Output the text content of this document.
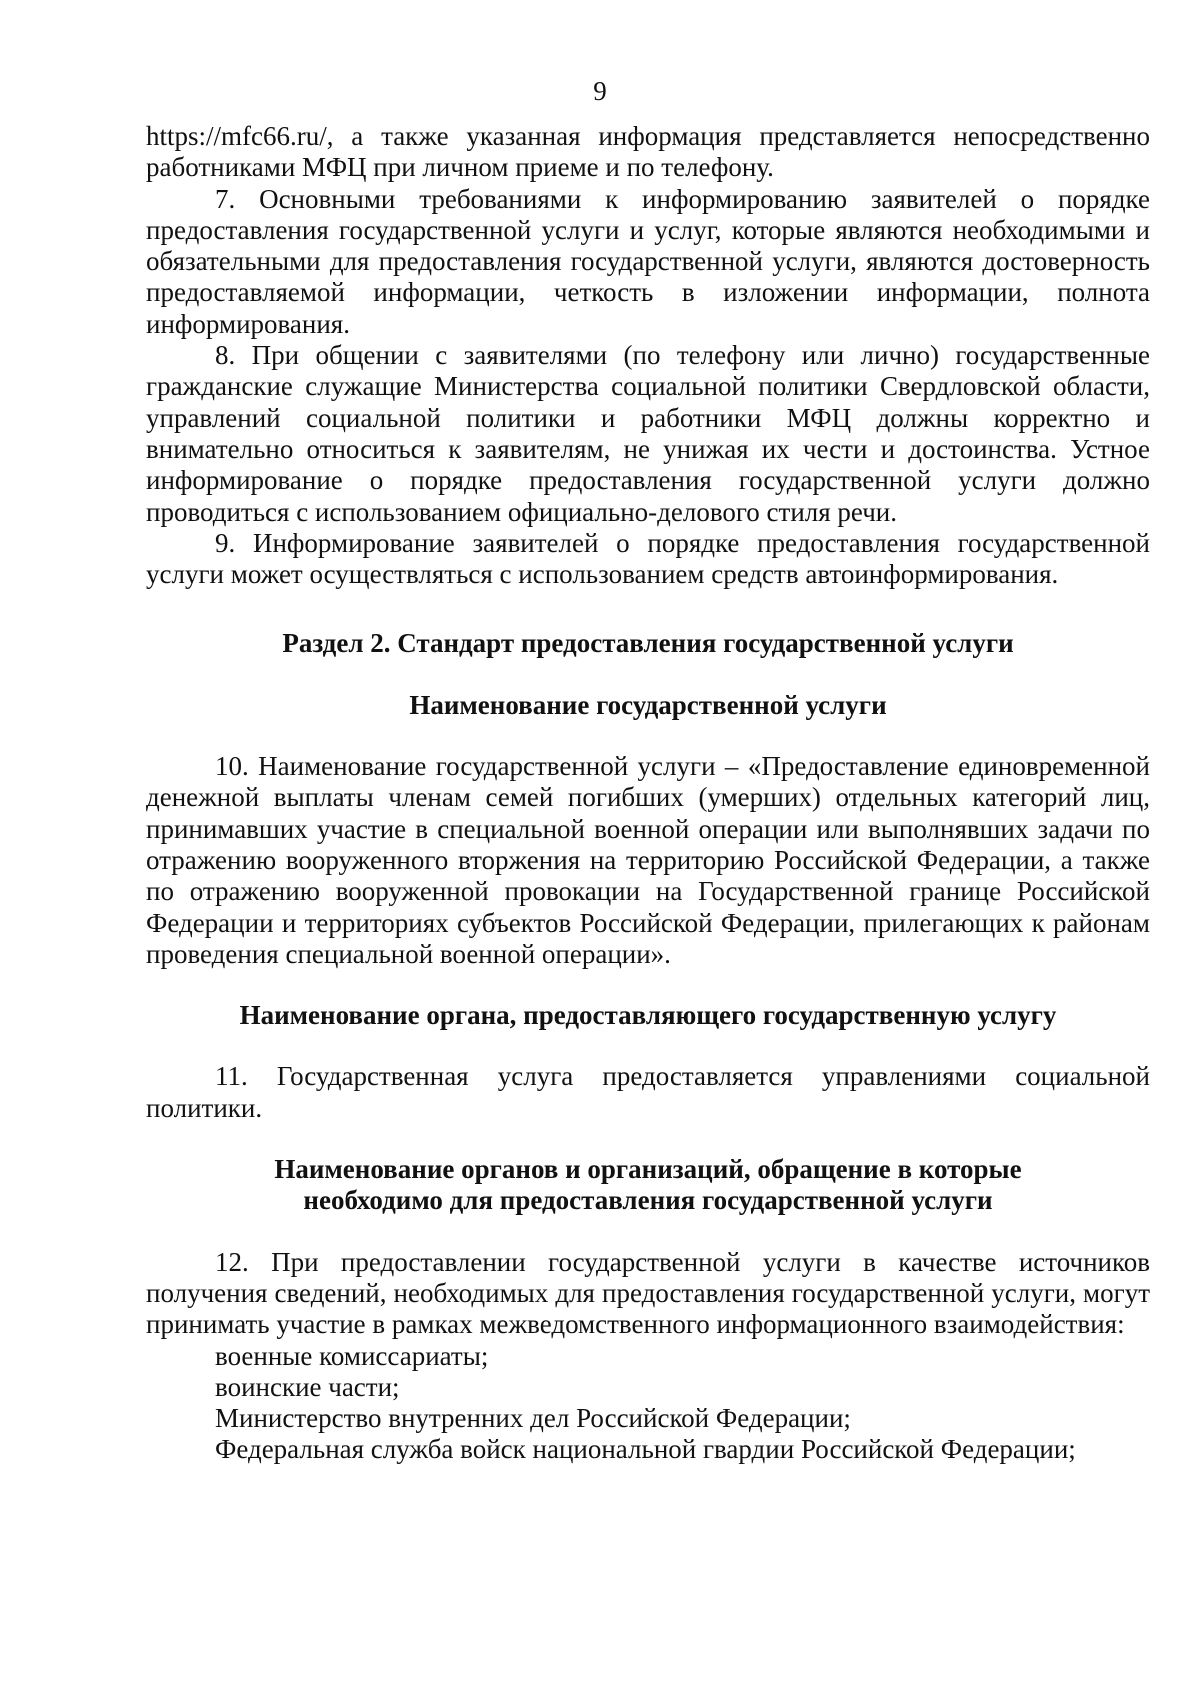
9

https://mfc66.ru/, а также указанная информация представляется непосредственно работниками МФЦ при личном приеме и по телефону.

7. Основными требованиями к информированию заявителей о порядке предоставления государственной услуги и услуг, которые являются необходимыми и обязательными для предоставления государственной услуги, являются достоверность предоставляемой информации, четкость в изложении информации, полнота информирования.

8. При общении с заявителями (по телефону или лично) государственные гражданские служащие Министерства социальной политики Свердловской области, управлений социальной политики и работники МФЦ должны корректно и внимательно относиться к заявителям, не унижая их чести и достоинства. Устное информирование о порядке предоставления государственной услуги должно проводиться с использованием официально-делового стиля речи.

9. Информирование заявителей о порядке предоставления государственной услуги может осуществляться с использованием средств автоинформирования.

Раздел 2. Стандарт предоставления государственной услуги
Наименование государственной услуги

10. Наименование государственной услуги – «Предоставление единовременной денежной выплаты членам семей погибших (умерших) отдельных категорий лиц, принимавших участие в специальной военной операции или выполнявших задачи по отражению вооруженного вторжения на территорию Российской Федерации, а также по отражению вооруженной провокации на Государственной границе Российской Федерации и территориях субъектов Российской Федерации, прилегающих к районам проведения специальной военной операции».

Наименование органа, предоставляющего государственную услугу

11. Государственная услуга предоставляется управлениями социальной политики.

Наименование органов и организаций, обращение в которые необходимо для предоставления государственной услуги

12. При предоставлении государственной услуги в качестве источников получения сведений, необходимых для предоставления государственной услуги, могут принимать участие в рамках межведомственного информационного взаимодействия:

военные комиссариаты;

воинские части;

Министерство внутренних дел Российской Федерации;

Федеральная служба войск национальной гвардии Российской Федерации;
